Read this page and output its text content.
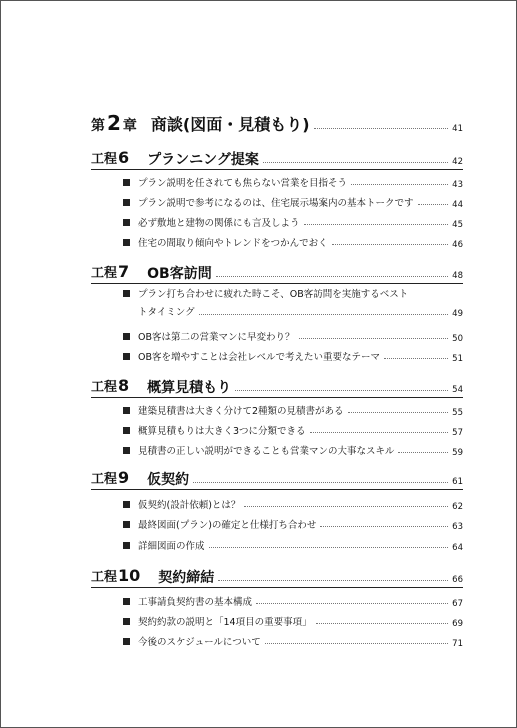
第 2 章 商談(図面・見積もり)	41
工程6 プランニング提案	42
プラン説明を任されても焦らない営業を目指そう	43
プラン説明で参考になるのは、住宅展示場案内の基本トークです	44
必ず敷地と建物の関係にも言及しよう	45
住宅の間取り傾向やトレンドをつかんでおく	46
工程7 OB客訪問	48
プラン打ち合わせに疲れた時こそ、OB客訪問を実施するベスト
トタイミング	49
OB客は第二の営業マンに早変わり？	50
OB客を増やすことは会社レベルで考えたい重要なテーマ	51
工程8 概算見積もり	54
建築見積書は大きく分けて2種類の見積書がある	55
概算見積もりは大きく3つに分類できる	57
見積書の正しい説明ができることも営業マンの大事なスキル	59
工程9 仮契約	61
仮契約(設計依頼)とは？	62
最終図面(プラン)の確定と仕様打ち合わせ	63
詳細図面の作成	64
工程10 契約締結	66
工事請負契約書の基本構成	67
契約約款の説明と「14項目の重要事項」	69
今後のスケジュールについて	71
